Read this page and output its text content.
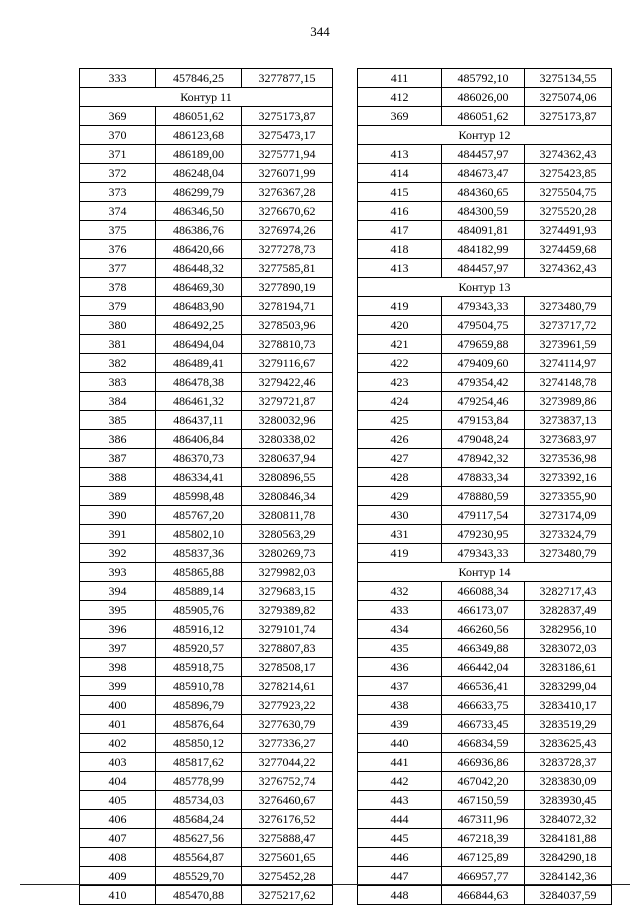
344
333	457846,25	3277877,15
Контур 11		
369	486051,62	3275173,87
370	486123,68	3275473,17
371	486189,00	3275771,94
372	486248,04	3276071,99
373	486299,79	3276367,28
374	486346,50	3276670,62
375	486386,76	3276974,26
376	486420,66	3277278,73
377	486448,32	3277585,81
378	486469,30	3277890,19
379	486483,90	3278194,71
380	486492,25	3278503,96
381	486494,04	3278810,73
382	486489,41	3279116,67
383	486478,38	3279422,46
384	486461,32	3279721,87
385	486437,11	3280032,96
386	486406,84	3280338,02
387	486370,73	3280637,94
388	486334,41	3280896,55
389	485998,48	3280846,34
390	485767,20	3280811,78
391	485802,10	3280563,29
392	485837,36	3280269,73
393	485865,88	3279982,03
394	485889,14	3279683,15
395	485905,76	3279389,82
396	485916,12	3279101,74
397	485920,57	3278807,83
398	485918,75	3278508,17
399	485910,78	3278214,61
400	485896,79	3277923,22
401	485876,64	3277630,79
402	485850,12	3277336,27
403	485817,62	3277044,22
404	485778,99	3276752,74
405	485734,03	3276460,67
406	485684,24	3276176,52
407	485627,56	3275888,47
408	485564,87	3275601,65
409	485529,70	3275452,28
410	485470,88	3275217,62
411	485792,10	3275134,55
412	486026,00	3275074,06
369	486051,62	3275173,87
Контур 12		
413	484457,97	3274362,43
414	484673,47	3275423,85
415	484360,65	3275504,75
416	484300,59	3275520,28
417	484091,81	3274491,93
418	484182,99	3274459,68
413	484457,97	3274362,43
Контур 13		
419	479343,33	3273480,79
420	479504,75	3273717,72
421	479659,88	3273961,59
422	479409,60	3274114,97
423	479354,42	3274148,78
424	479254,46	3273989,86
425	479153,84	3273837,13
426	479048,24	3273683,97
427	478942,32	3273536,98
428	478833,34	3273392,16
429	478880,59	3273355,90
430	479117,54	3273174,09
431	479230,95	3273324,79
419	479343,33	3273480,79
Контур 14		
432	466088,34	3282717,43
433	466173,07	3282837,49
434	466260,56	3282956,10
435	466349,88	3283072,03
436	466442,04	3283186,61
437	466536,41	3283299,04
438	466633,75	3283410,17
439	466733,45	3283519,29
440	466834,59	3283625,43
441	466936,86	3283728,37
442	467042,20	3283830,09
443	467150,59	3283930,45
444	467311,96	3284072,32
445	467218,39	3284181,88
446	467125,89	3284290,18
447	466957,77	3284142,36
448	466844,63	3284037,59
